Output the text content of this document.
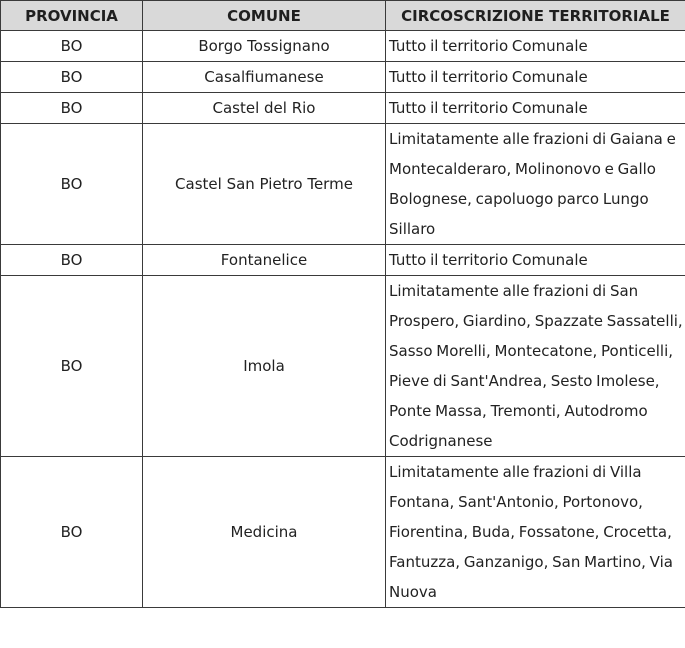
PROVINCIA	COMUNE	CIRCOSCRIZIONE TERRITORIALE
BO	Borgo Tossignano	Tutto il territorio Comunale
BO	Casalfiumanese	Tutto il territorio Comunale
BO	Castel del Rio	Tutto il territorio Comunale
BO	Castel San Pietro Terme	Limitatamente alle frazioni di Gaiana e Montecalderaro, Molinonovo e Gallo Bolognese, capoluogo parco Lungo Sillaro
BO	Fontanelice	Tutto il territorio Comunale
BO	Imola	Limitatamente alle frazioni di San Prospero, Giardino, Spazzate Sassatelli, Sasso Morelli, Montecatone, Ponticelli, Pieve di Sant'Andrea, Sesto Imolese, Ponte Massa, Tremonti, Autodromo Codrignanese
BO	Medicina	Limitatamente alle frazioni di Villa Fontana, Sant'Antonio, Portonovo, Fiorentina, Buda, Fossatone, Crocetta, Fantuzza, Ganzanigo, San Martino, Via Nuova
